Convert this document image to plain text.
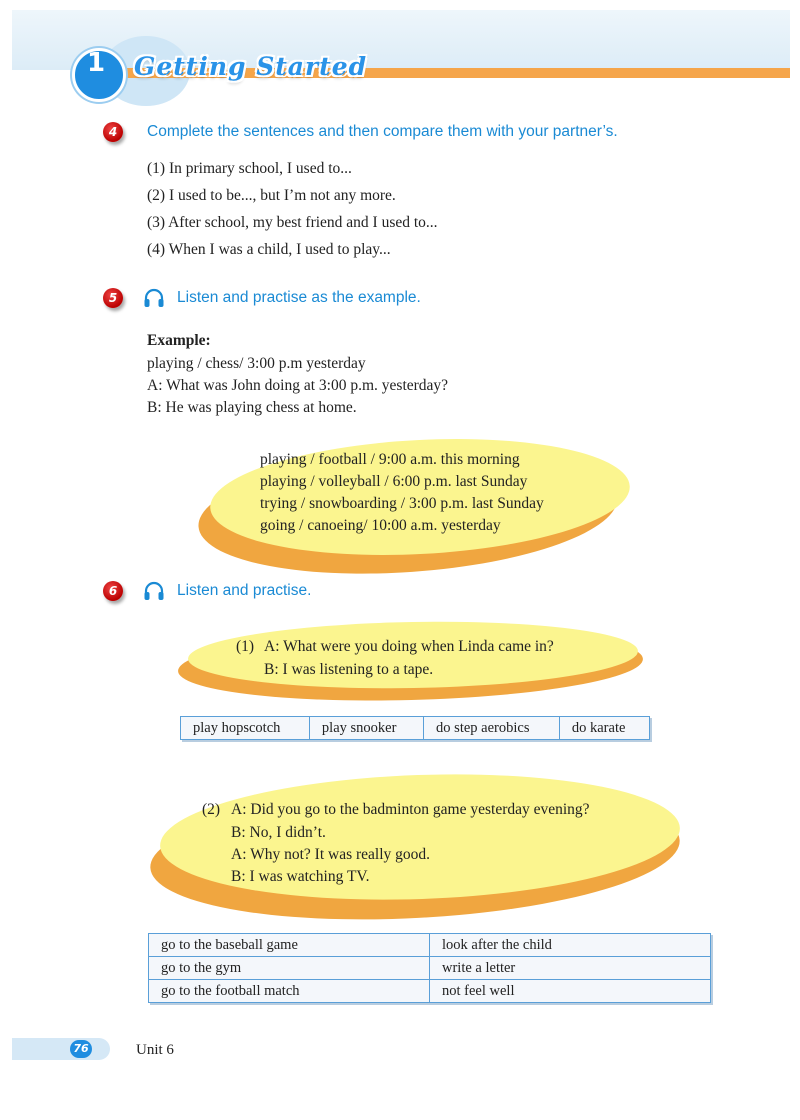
1	Getting Started
4	Complete the sentences and then compare them with your partner’s.
(1) In primary school, I used to...
(2) I used to be..., but I’m not any more.
(3) After school, my best friend and I used to...
(4) When I was a child, I used to play...
5	Listen and practise as the example.
Example:
playing / chess/ 3:00 p.m yesterday
A: What was John doing at 3:00 p.m. yesterday?
B: He was playing chess at home.
playing / football / 9:00 a.m. this morning
playing / volleyball / 6:00 p.m. last Sunday
trying / snowboarding / 3:00 p.m. last Sunday
going / canoeing/ 10:00 a.m. yesterday
6	Listen and practise.
(1) A: What were you doing when Linda came in?
B: I was listening to a tape.
play hopscotch	play snooker	do step aerobics	do karate
(2) A: Did you go to the badminton game yesterday evening?
B: No, I didn’t.
A: Why not? It was really good.
B: I was watching TV.
go to the baseball game	look after the child
go to the gym	write a letter
go to the football match	not feel well
76	Unit 6
